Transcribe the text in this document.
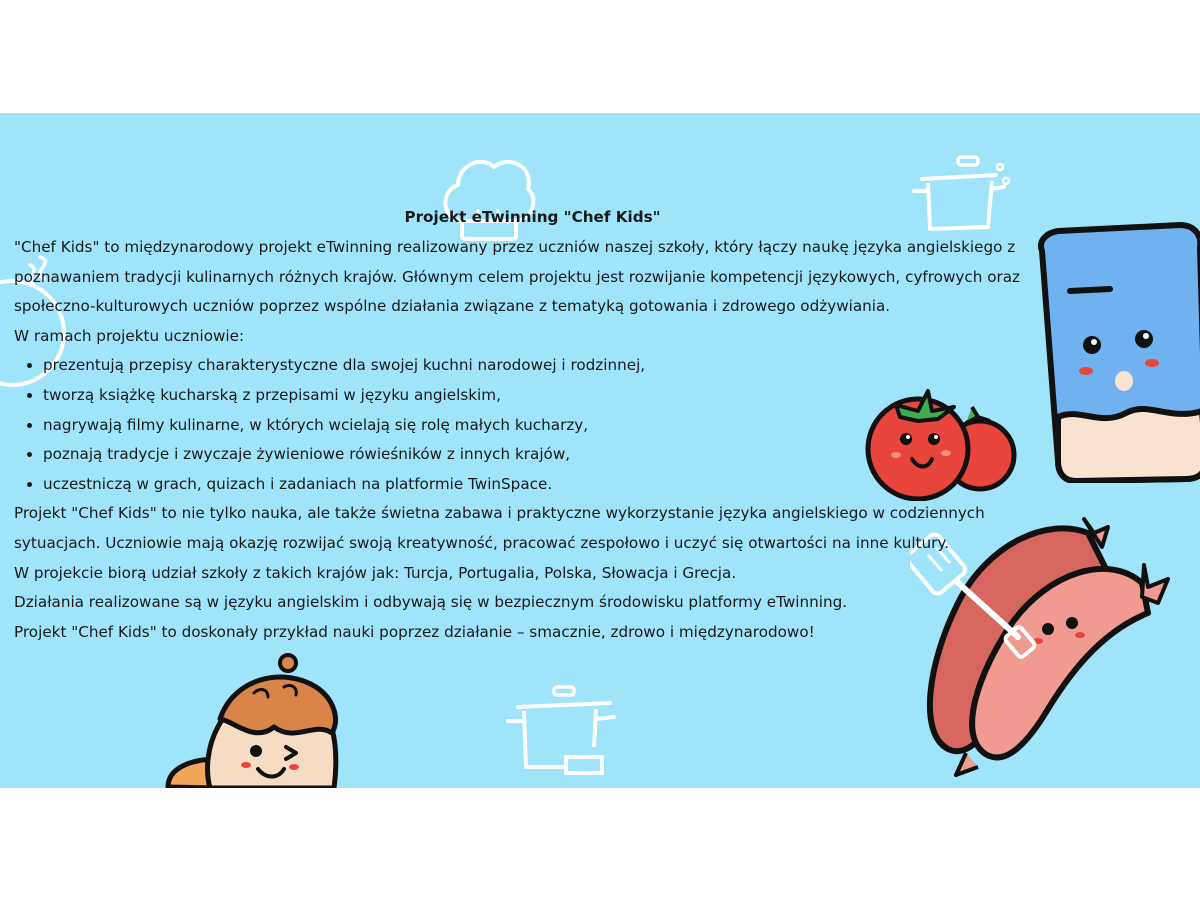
Projekt eTwinning "Chef Kids"

"Chef Kids" to międzynarodowy projekt eTwinning realizowany przez uczniów naszej szkoły, który łączy naukę języka angielskiego z poznawaniem tradycji kulinarnych różnych krajów. Głównym celem projektu jest rozwijanie kompetencji językowych, cyfrowych oraz społeczno-kulturowych uczniów poprzez wspólne działania związane z tematyką gotowania i zdrowego odżywiania.

W ramach projektu uczniowie:

• prezentują przepisy charakterystyczne dla swojej kuchni narodowej i rodzinnej,
• tworzą książkę kucharską z przepisami w języku angielskim,
• nagrywają filmy kulinarne, w których wcielają się rolę małych kucharzy,
• poznają tradycje i zwyczaje żywieniowe rówieśników z innych krajów,
• uczestniczą w grach, quizach i zadaniach na platformie TwinSpace.

Projekt "Chef Kids" to nie tylko nauka, ale także świetna zabawa i praktyczne wykorzystanie języka angielskiego w codziennych sytuacjach. Uczniowie mają okazję rozwijać swoją kreatywność, pracować zespołowo i uczyć się otwartości na inne kultury.

W projekcie biorą udział szkoły z takich krajów jak: Turcja, Portugalia, Polska, Słowacja i Grecja.

Działania realizowane są w języku angielskim i odbywają się w bezpiecznym środowisku platformy eTwinning.

Projekt "Chef Kids" to doskonały przykład nauki poprzez działanie – smacznie, zdrowo i międzynarodowo!
